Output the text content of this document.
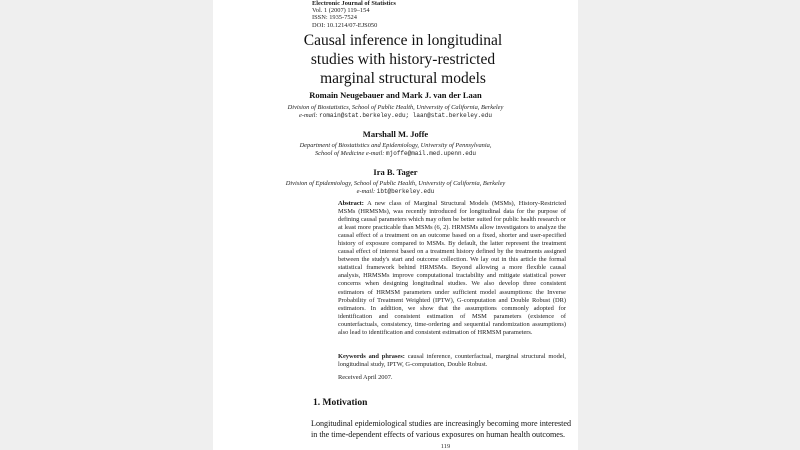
Electronic Journal of Statistics
Vol. 1 (2007) 119–154
ISSN: 1935-7524
DOI: 10.1214/07-EJS050
Causal inference in longitudinal studies with history-restricted marginal structural models
Romain Neugebauer and Mark J. van der Laan
Division of Biostatistics, School of Public Health, University of California, Berkeley
e-mail: romain@stat.berkeley.edu; laan@stat.berkeley.edu
Marshall M. Joffe
Department of Biostatistics and Epidemiology, University of Pennsylvania,
School of Medicine e-mail: mjoffe@mail.med.upenn.edu
Ira B. Tager
Division of Epidemiology, School of Public Health, University of California, Berkeley
e-mail: ibt@berkeley.edu
Abstract: A new class of Marginal Structural Models (MSMs), History-Restricted MSMs (HRMSMs), was recently introduced for longitudinal data for the purpose of defining causal parameters which may often be better suited for public health research or at least more practicable than MSMs (6, 2). HRMSMs allow investigators to analyze the causal effect of a treatment on an outcome based on a fixed, shorter and user-specified history of exposure compared to MSMs. By default, the latter represent the treatment causal effect of interest based on a treatment history defined by the treatments assigned between the study's start and outcome collection. We lay out in this article the formal statistical framework behind HRMSMs. Beyond allowing a more flexible causal analysis, HRMSMs improve computational tractability and mitigate statistical power concerns when designing longitudinal studies. We also develop three consistent estimators of HRMSM parameters under sufficient model assumptions: the Inverse Probability of Treatment Weighted (IPTW), G-computation and Double Robust (DR) estimators. In addition, we show that the assumptions commonly adopted for identification and consistent estimation of MSM parameters (existence of counterfactuals, consistency, time-ordering and sequential randomization assumptions) also lead to identification and consistent estimation of HRMSM parameters.
Keywords and phrases: causal inference, counterfactual, marginal structural model, longitudinal study, IPTW, G-computation, Double Robust.
Received April 2007.
1. Motivation
Longitudinal epidemiological studies are increasingly becoming more interested
in the time-dependent effects of various exposures on human health outcomes.
119
